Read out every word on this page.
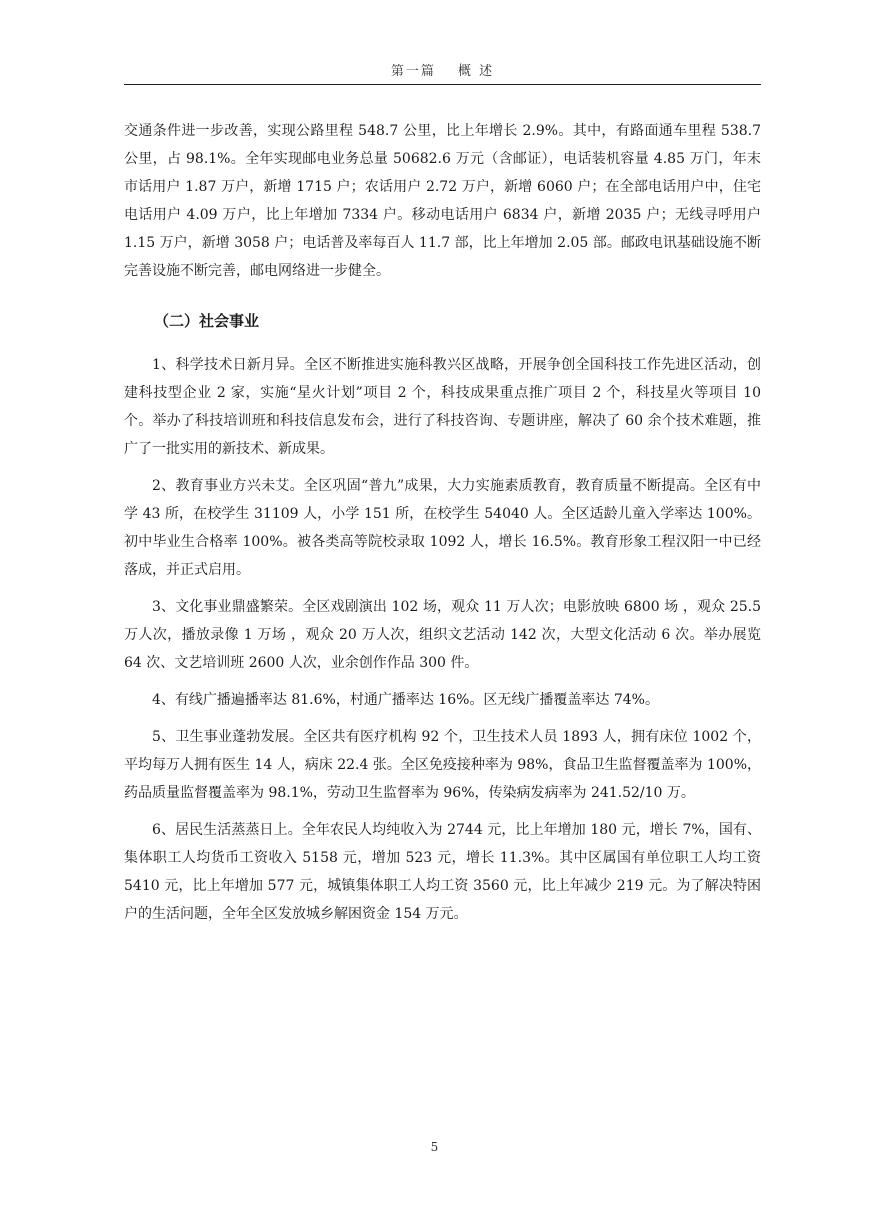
第一篇 概 述

交通条件进一步改善，实现公路里程 548.7 公里，比上年增长 2.9%。其中，有路面通车里程 538.7 公里，占 98.1%。全年实现邮电业务总量 50682.6 万元（含邮证），电话装机容量 4.85 万门，年末市话用户 1.87 万户，新增 1715 户；农话用户 2.72 万户，新增 6060 户；在全部电话用户中，住宅电话用户 4.09 万户，比上年增加 7334 户。移动电话用户 6834 户，新增 2035 户；无线寻呼用户 1.15 万户，新增 3058 户；电话普及率每百人 11.7 部，比上年增加 2.05 部。邮政电讯基础设施不断完善设施不断完善，邮电网络进一步健全。

（二）社会事业

1、科学技术日新月异。全区不断推进实施科教兴区战略，开展争创全国科技工作先进区活动，创建科技型企业 2 家，实施“星火计划”项目 2 个，科技成果重点推广项目 2 个，科技星火等项目 10 个。举办了科技培训班和科技信息发布会，进行了科技咨询、专题讲座，解决了 60 余个技术难题，推广了一批实用的新技术、新成果。

2、教育事业方兴未艾。全区巩固“普九”成果，大力实施素质教育，教育质量不断提高。全区有中学 43 所，在校学生 31109 人，小学 151 所，在校学生 54040 人。全区适龄儿童入学率达 100%。初中毕业生合格率 100%。被各类高等院校录取 1092 人，增长 16.5%。教育形象工程汉阳一中已经落成，并正式启用。

3、文化事业鼎盛繁荣。全区戏剧演出 102 场，观众 11 万人次；电影放映 6800 场 ，观众 25.5 万人次，播放录像 1 万场 ，观众 20 万人次，组织文艺活动 142 次，大型文化活动 6 次。举办展览 64 次、文艺培训班 2600 人次，业余创作作品 300 件。

4、有线广播遍播率达 81.6%，村通广播率达 16%。区无线广播覆盖率达 74%。

5、卫生事业蓬勃发展。全区共有医疗机构 92 个，卫生技术人员 1893 人，拥有床位 1002 个，平均每万人拥有医生 14 人，病床 22.4 张。全区免疫接种率为 98%，食品卫生监督覆盖率为 100%，药品质量监督覆盖率为 98.1%，劳动卫生监督率为 96%，传染病发病率为 241.52/10 万。

6、居民生活蒸蒸日上。全年农民人均纯收入为 2744 元，比上年增加 180 元，增长 7%，国有、集体职工人均货币工资收入 5158 元，增加 523 元，增长 11.3%。其中区属国有单位职工人均工资 5410 元，比上年增加 577 元，城镇集体职工人均工资 3560 元，比上年减少 219 元。为了解决特困户的生活问题，全年全区发放城乡解困资金 154 万元。

5
